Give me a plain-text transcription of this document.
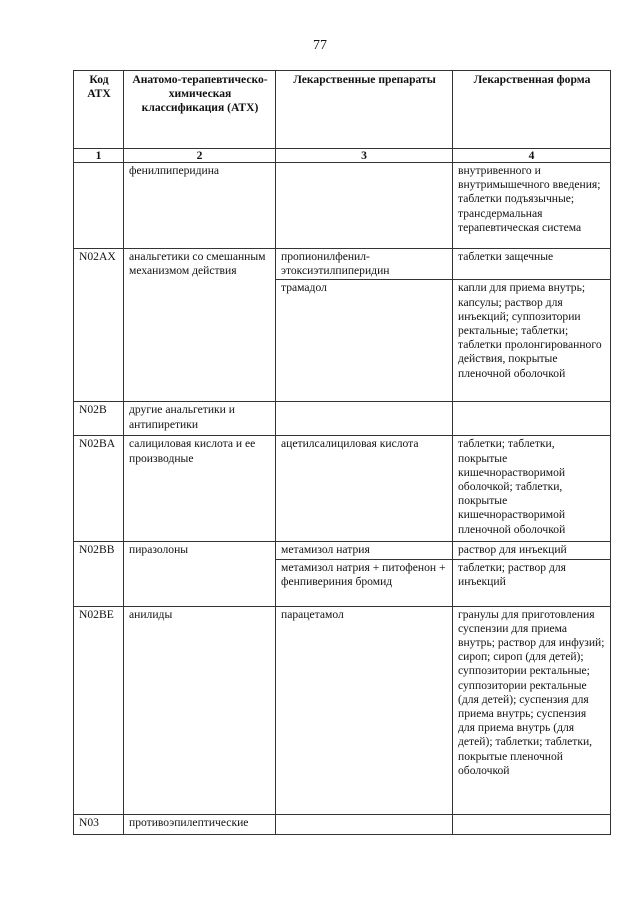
77
Код АТХ	Анатомо-терапевтическо-химическая классификация (АТХ)	Лекарственные препараты	Лекарственная форма
1	2	3	4
	фенилпиперидина		внутривенного и внутримышечного введения; таблетки подъязычные; трансдермальная терапевтическая система
N02AX	анальгетики со смешанным механизмом действия	пропионилфенил-этоксиэтилпиперидин	таблетки защечные
		трамадол	капли для приема внутрь; капсулы; раствор для инъекций; суппозитории ректальные; таблетки; таблетки пролонгированного действия, покрытые пленочной оболочкой
N02B	другие анальгетики и антипиретики		
N02BA	салициловая кислота и ее производные	ацетилсалициловая кислота	таблетки; таблетки, покрытые кишечнорастворимой оболочкой; таблетки, покрытые кишечнорастворимой пленочной оболочкой
N02BB	пиразолоны	метамизол натрия	раствор для инъекций
		метамизол натрия + питофенон + фенпивериния бромид	таблетки; раствор для инъекций
N02BE	анилиды	парацетамол	гранулы для приготовления суспензии для приема внутрь; раствор для инфузий; сироп; сироп (для детей); суппозитории ректальные; суппозитории ректальные (для детей); суспензия для приема внутрь; суспензия для приема внутрь (для детей); таблетки; таблетки, покрытые пленочной оболочкой
N03	противоэпилептические		
